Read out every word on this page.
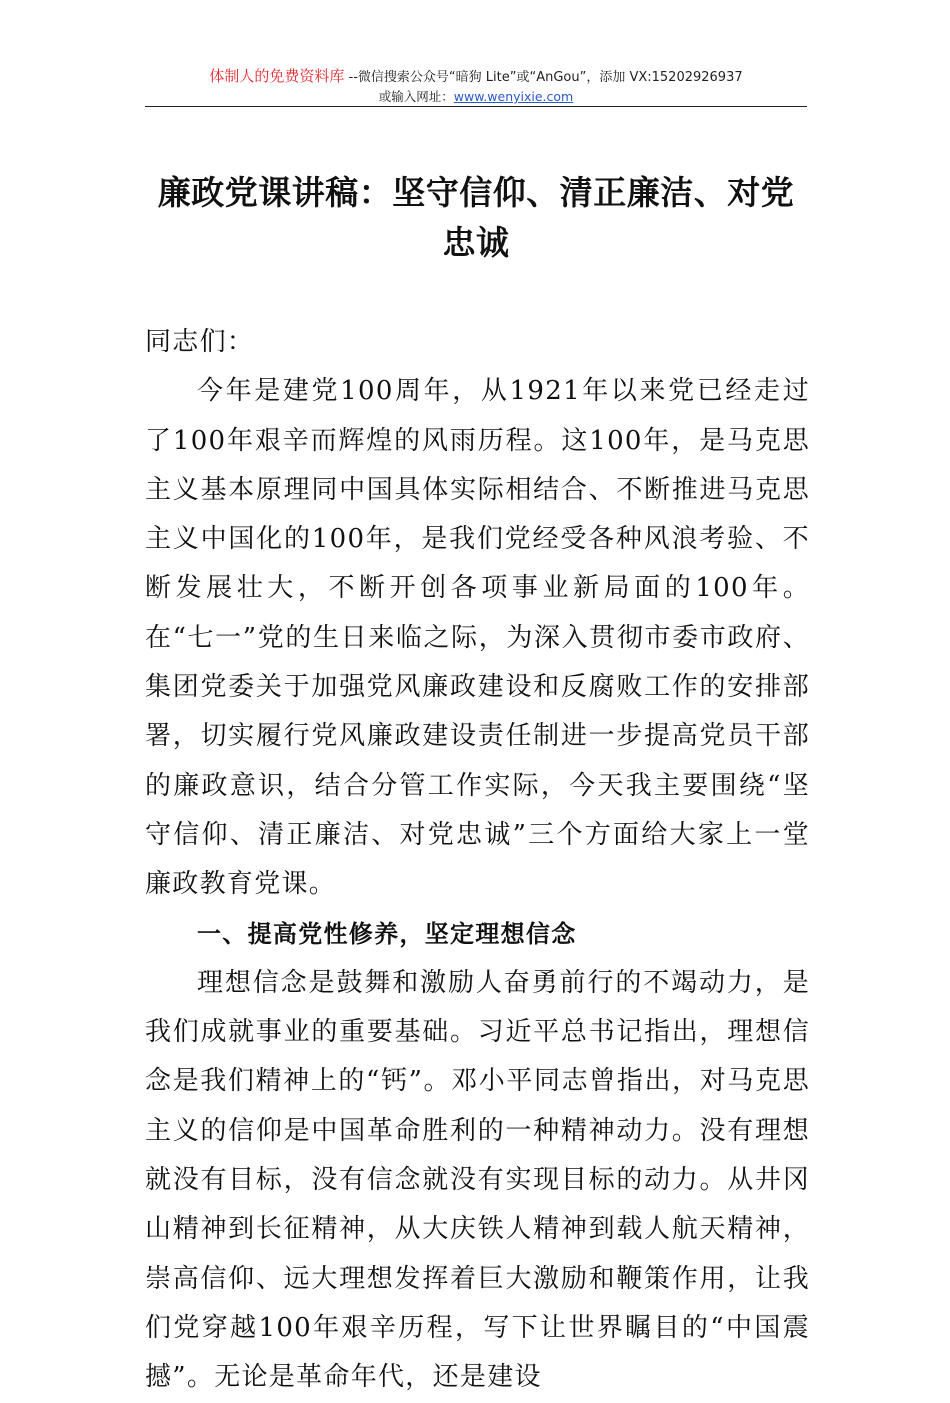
体制人的免费资料库 --微信搜索公众号“暗狗 Lite”或“AnGou”，添加 VX:15202926937
或输入网址：www.wenyixie.com
廉政党课讲稿：坚守信仰、清正廉洁、对党忠诚

同志们：

今年是建党100周年，从1921年以来党已经走过了100年艰辛而辉煌的风雨历程。这100年，是马克思主义基本原理同中国具体实际相结合、不断推进马克思主义中国化的100年，是我们党经受各种风浪考验、不断发展壮大，不断开创各项事业新局面的100年。在“七一”党的生日来临之际，为深入贯彻市委市政府、集团党委关于加强党风廉政建设和反腐败工作的安排部署，切实履行党风廉政建设责任制进一步提高党员干部的廉政意识，结合分管工作实际，今天我主要围绕“坚守信仰、清正廉洁、对党忠诚”三个方面给大家上一堂廉政教育党课。

一、提高党性修养，坚定理想信念

理想信念是鼓舞和激励人奋勇前行的不竭动力，是我们成就事业的重要基础。习近平总书记指出，理想信念是我们精神上的“钙”。邓小平同志曾指出，对马克思主义的信仰是中国革命胜利的一种精神动力。没有理想就没有目标，没有信念就没有实现目标的动力。从井冈山精神到长征精神，从大庆铁人精神到载人航天精神，崇高信仰、远大理想发挥着巨大激励和鞭策作用，让我们党穿越100年艰辛历程，写下让世界瞩目的“中国震撼”。无论是革命年代，还是建设
